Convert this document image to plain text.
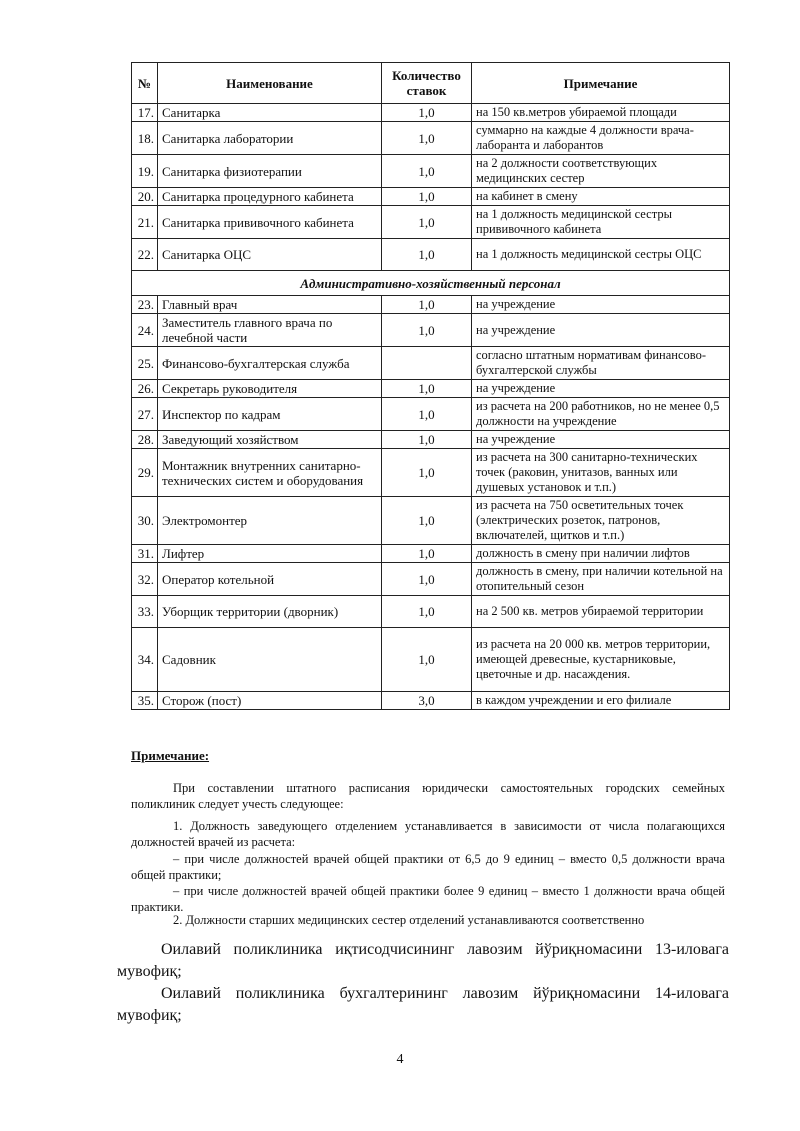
№	Наименование	Количество ставок	Примечание
17.	Санитарка	1,0	на 150 кв.метров убираемой площади
18.	Санитарка лаборатории	1,0	суммарно на каждые 4 должности врача-лаборанта и лаборантов
19.	Санитарка физиотерапии	1,0	на 2 должности соответствующих медицинских сестер
20.	Санитарка процедурного кабинета	1,0	на кабинет в смену
21.	Санитарка прививочного кабинета	1,0	на 1 должность медицинской сестры прививочного кабинета
22.	Санитарка ОЦС	1,0	на 1 должность медицинской сестры ОЦС
Административно-хозяйственный персонал			
23.	Главный врач	1,0	на учреждение
24.	Заместитель главного врача по лечебной части	1,0	на учреждение
25.	Финансово-бухгалтерская служба		согласно штатным нормативам финансово-бухгалтерской службы
26.	Секретарь руководителя	1,0	на учреждение
27.	Инспектор по кадрам	1,0	из расчета на 200 работников, но не менее 0,5 должности на учреждение
28.	Заведующий хозяйством	1,0	на учреждение
29.	Монтажник внутренних санитарно-технических систем и оборудования	1,0	из расчета на 300 санитарно-технических точек (раковин, унитазов, ванных или душевых установок и т.п.)
30.	Электромонтер	1,0	из расчета на 750 осветительных точек (электрических розеток, патронов, включателей, щитков и т.п.)
31.	Лифтер	1,0	должность в смену при наличии лифтов
32.	Оператор котельной	1,0	должность в смену, при наличии котельной на отопительный сезон
33.	Уборщик территории (дворник)	1,0	на 2 500 кв. метров убираемой территории
34.	Садовник	1,0	из расчета на 20 000 кв. метров территории, имеющей древесные, кустарниковые, цветочные и др. насаждения.
35.	Сторож (пост)	3,0	в каждом учреждении и его филиале
Примечание:
При составлении штатного расписания юридически самостоятельных городских семейных поликлиник следует учесть следующее:
1. Должность заведующего отделением устанавливается в зависимости от числа полагающихся должностей врачей из расчета:
– при числе должностей врачей общей практики от 6,5 до 9 единиц – вместо 0,5 должности врача общей практики;
– при числе должностей врачей общей практики более 9 единиц – вместо 1 должности врача общей практики.
2. Должности старших медицинских сестер отделений устанавливаются соответственно
Оилавий поликлиника иқтисодчисининг лавозим йўриқномасини 13-иловага мувофиқ;
Оилавий поликлиника бухгалтерининг лавозим йўриқномасини 14-иловага мувофиқ;
4
